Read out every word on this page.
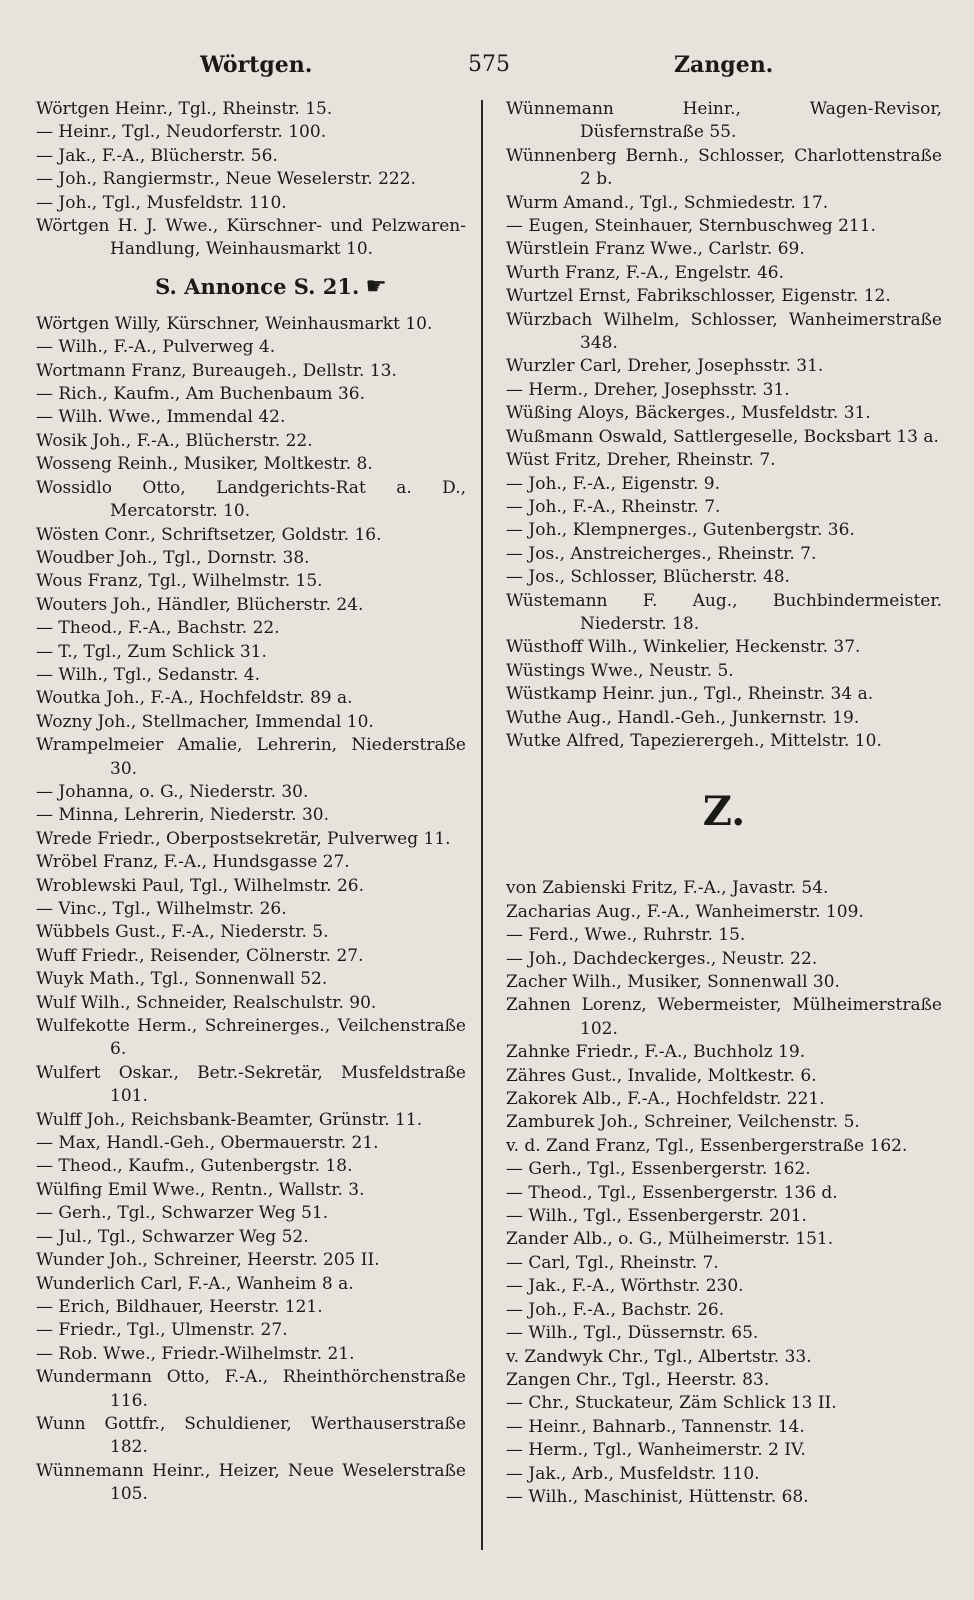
Wörtgen.	575	Zangen.
Wörtgen Heinr., Tgl., Rheinstr. 15.
— Heinr., Tgl., Neudorferstr. 100.
— Jak., F.-A., Blücherstr. 56.
— Joh., Rangiermstr., Neue Weselerstr. 222.
— Joh., Tgl., Musfeldstr. 110.
Wörtgen H. J. Wwe., Kürschner- und Pelzwaren-Handlung, Weinhausmarkt 10.
S. Annonce S. 21. ☛
Wörtgen Willy, Kürschner, Weinhausmarkt 10.
— Wilh., F.-A., Pulverweg 4.
Wortmann Franz, Bureaugeh., Dellstr. 13.
— Rich., Kaufm., Am Buchenbaum 36.
— Wilh. Wwe., Immendal 42.
Wosik Joh., F.-A., Blücherstr. 22.
Wosseng Reinh., Musiker, Moltkestr. 8.
Wossidlo Otto, Landgerichts-Rat a. D., Mercatorstr. 10.
Wösten Conr., Schriftsetzer, Goldstr. 16.
Woudber Joh., Tgl., Dornstr. 38.
Wous Franz, Tgl., Wilhelmstr. 15.
Wouters Joh., Händler, Blücherstr. 24.
— Theod., F.-A., Bachstr. 22.
— T., Tgl., Zum Schlick 31.
— Wilh., Tgl., Sedanstr. 4.
Woutka Joh., F.-A., Hochfeldstr. 89 a.
Wozny Joh., Stellmacher, Immendal 10.
Wrampelmeier Amalie, Lehrerin, Niederstraße 30.
— Johanna, o. G., Niederstr. 30.
— Minna, Lehrerin, Niederstr. 30.
Wrede Friedr., Oberpostsekretär, Pulverweg 11.
Wröbel Franz, F.-A., Hundsgasse 27.
Wroblewski Paul, Tgl., Wilhelmstr. 26.
— Vinc., Tgl., Wilhelmstr. 26.
Wübbels Gust., F.-A., Niederstr. 5.
Wuff Friedr., Reisender, Cölnerstr. 27.
Wuyk Math., Tgl., Sonnenwall 52.
Wulf Wilh., Schneider, Realschulstr. 90.
Wulfekotte Herm., Schreinerges., Veilchenstraße 6.
Wulfert Oskar., Betr.-Sekretär, Musfeldstraße 101.
Wulff Joh., Reichsbank-Beamter, Grünstr. 11.
— Max, Handl.-Geh., Obermauerstr. 21.
— Theod., Kaufm., Gutenbergstr. 18.
Wülfing Emil Wwe., Rentn., Wallstr. 3.
— Gerh., Tgl., Schwarzer Weg 51.
— Jul., Tgl., Schwarzer Weg 52.
Wunder Joh., Schreiner, Heerstr. 205 II.
Wunderlich Carl, F.-A., Wanheim 8 a.
— Erich, Bildhauer, Heerstr. 121.
— Friedr., Tgl., Ulmenstr. 27.
— Rob. Wwe., Friedr.-Wilhelmstr. 21.
Wundermann Otto, F.-A., Rheinthörchenstraße 116.
Wunn Gottfr., Schuldiener, Werthauserstraße 182.
Wünnemann Heinr., Heizer, Neue Weselerstraße 105.
Wünnemann Heinr., Wagen-Revisor, Düsfernstraße 55.
Wünnenberg Bernh., Schlosser, Charlottenstraße 2 b.
Wurm Amand., Tgl., Schmiedestr. 17.
— Eugen, Steinhauer, Sternbuschweg 211.
Würstlein Franz Wwe., Carlstr. 69.
Wurth Franz, F.-A., Engelstr. 46.
Wurtzel Ernst, Fabrikschlosser, Eigenstr. 12.
Würzbach Wilhelm, Schlosser, Wanheimerstraße 348.
Wurzler Carl, Dreher, Josephsstr. 31.
— Herm., Dreher, Josephsstr. 31.
Wüßing Aloys, Bäckerges., Musfeldstr. 31.
Wußmann Oswald, Sattlergeselle, Bocksbart 13 a.
Wüst Fritz, Dreher, Rheinstr. 7.
— Joh., F.-A., Eigenstr. 9.
— Joh., F.-A., Rheinstr. 7.
— Joh., Klempnerges., Gutenbergstr. 36.
— Jos., Anstreicherges., Rheinstr. 7.
— Jos., Schlosser, Blücherstr. 48.
Wüstemann F. Aug., Buchbindermeister. Niederstr. 18.
Wüsthoff Wilh., Winkelier, Heckenstr. 37.
Wüstings Wwe., Neustr. 5.
Wüstkamp Heinr. jun., Tgl., Rheinstr. 34 a.
Wuthe Aug., Handl.-Geh., Junkernstr. 19.
Wutke Alfred, Tapezierergeh., Mittelstr. 10.
Z.
von Zabienski Fritz, F.-A., Javastr. 54.
Zacharias Aug., F.-A., Wanheimerstr. 109.
— Ferd., Wwe., Ruhrstr. 15.
— Joh., Dachdeckerges., Neustr. 22.
Zacher Wilh., Musiker, Sonnenwall 30.
Zahnen Lorenz, Webermeister, Mülheimerstraße 102.
Zahnke Friedr., F.-A., Buchholz 19.
Zähres Gust., Invalide, Moltkestr. 6.
Zakorek Alb., F.-A., Hochfeldstr. 221.
Zamburek Joh., Schreiner, Veilchenstr. 5.
v. d. Zand Franz, Tgl., Essenbergerstraße 162.
— Gerh., Tgl., Essenbergerstr. 162.
— Theod., Tgl., Essenbergerstr. 136 d.
— Wilh., Tgl., Essenbergerstr. 201.
Zander Alb., o. G., Mülheimerstr. 151.
— Carl, Tgl., Rheinstr. 7.
— Jak., F.-A., Wörthstr. 230.
— Joh., F.-A., Bachstr. 26.
— Wilh., Tgl., Düssernstr. 65.
v. Zandwyk Chr., Tgl., Albertstr. 33.
Zangen Chr., Tgl., Heerstr. 83.
— Chr., Stuckateur, Zäm Schlick 13 II.
— Heinr., Bahnarb., Tannenstr. 14.
— Herm., Tgl., Wanheimerstr. 2 IV.
— Jak., Arb., Musfeldstr. 110.
— Wilh., Maschinist, Hüttenstr. 68.
